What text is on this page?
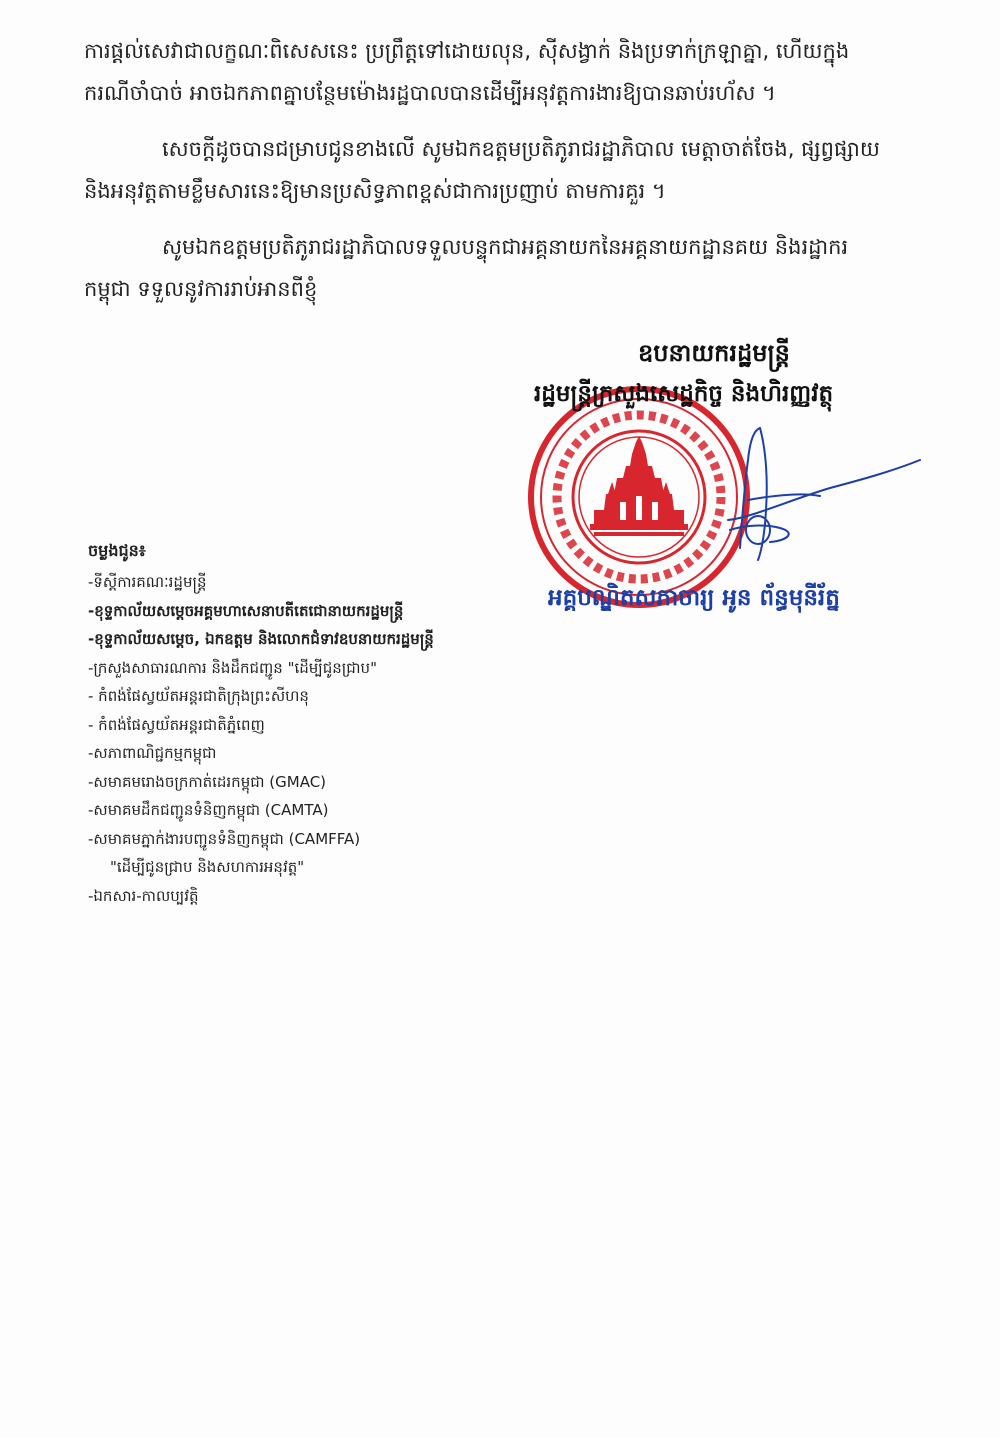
ការផ្ដល់សេវាជាលក្ខណៈពិសេសនេះ ប្រព្រឹត្តទៅដោយលុន, ស៊ីសង្វាក់ និងប្រទាក់ក្រឡាគ្នា, ហើយក្នុង
ករណីចាំបាច់ អាចឯកភាពគ្នាបន្ថែមម៉ោងរដ្ឋបាលបានដើម្បីអនុវត្តការងារឱ្យបានឆាប់រហ័ស ។

សេចក្ដីដូចបានជម្រាបជូនខាងលើ សូមឯកឧត្តមប្រតិភូរាជរដ្ឋាភិបាល មេត្តាចាត់ចែង, ផ្សព្វផ្សាយ
និងអនុវត្តតាមខ្លឹមសារនេះឱ្យមានប្រសិទ្ធភាពខ្ពស់ជាការប្រញាប់ តាមការគួរ ។

សូមឯកឧត្តមប្រតិភូរាជរដ្ឋាភិបាលទទួលបន្ទុកជាអគ្គនាយកនៃអគ្គនាយកដ្ឋានគយ និងរដ្ឋាករ
កម្ពុជា ទទួលនូវការរាប់អានពីខ្ញុំ

ឧបនាយករដ្ឋមន្ត្រី
រដ្ឋមន្ត្រីក្រសួងសេដ្ឋកិច្ច និងហិរញ្ញវត្ថុ
អគ្គបណ្ឌិតសភាចារ្យ អូន ព័ន្ធមុនីរ័ត្ន
ចម្លងជូន៖
-ទីស្តីការគណៈរដ្ឋមន្ត្រី
-ខុទ្ទកាល័យសម្ដេចអគ្គមហាសេនាបតីតេជោនាយករដ្ឋមន្ត្រី
-ខុទ្ទកាល័យសម្ដេច, ឯកឧត្តម និងលោកជំទាវឧបនាយករដ្ឋមន្ត្រី
-ក្រសួងសាធារណការ និងដឹកជញ្ជូន "ដើម្បីជូនជ្រាប"
- កំពង់ផែស្វយ័តអន្តរជាតិក្រុងព្រះសីហនុ
- កំពង់ផែស្វយ័តអន្តរជាតិភ្នំពេញ
-សភាពាណិជ្ជកម្មកម្ពុជា
-សមាគមរោងចក្រកាត់ដេរកម្ពុជា (GMAC)
-សមាគមដឹកជញ្ជូនទំនិញកម្ពុជា (CAMTA)
-សមាគមភ្នាក់ងារបញ្ជូនទំនិញកម្ពុជា (CAMFFA)
"ដើម្បីជូនជ្រាប និងសហការអនុវត្ត"
-ឯកសារ-កាលប្បវត្តិ
